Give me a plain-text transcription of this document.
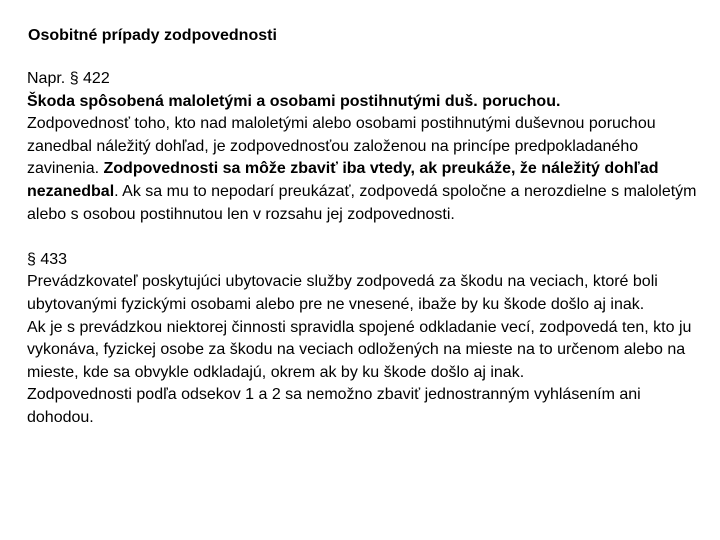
Osobitné prípady zodpovednosti

Napr. § 422

Škoda spôsobená maloletými a osobami postihnutými duš. poruchou.

Zodpovednosť toho, kto nad maloletými alebo osobami postihnutými duševnou poruchou zanedbal náležitý dohľad, je zodpovednosťou založenou na princípe predpokladaného zavinenia. Zodpovednosti sa môže zbaviť iba vtedy, ak preukáže, že náležitý dohľad nezanedbal. Ak sa mu to nepodarí preukázať, zodpovedá spoločne a nerozdielne s maloletým alebo s osobou postihnutou len v rozsahu jej zodpovednosti.

§ 433

Prevádzkovateľ poskytujúci ubytovacie služby zodpovedá za škodu na veciach, ktoré boli ubytovanými fyzickými osobami alebo pre ne vnesené, ibaže by ku škode došlo aj inak.

Ak je s prevádzkou niektorej činnosti spravidla spojené odkladanie vecí, zodpovedá ten, kto ju vykonáva, fyzickej osobe za škodu na veciach odložených na mieste na to určenom alebo na mieste, kde sa obvykle odkladajú, okrem ak by ku škode došlo aj inak.

Zodpovednosti podľa odsekov 1 a 2 sa nemožno zbaviť jednostranným vyhlásením ani dohodou.
